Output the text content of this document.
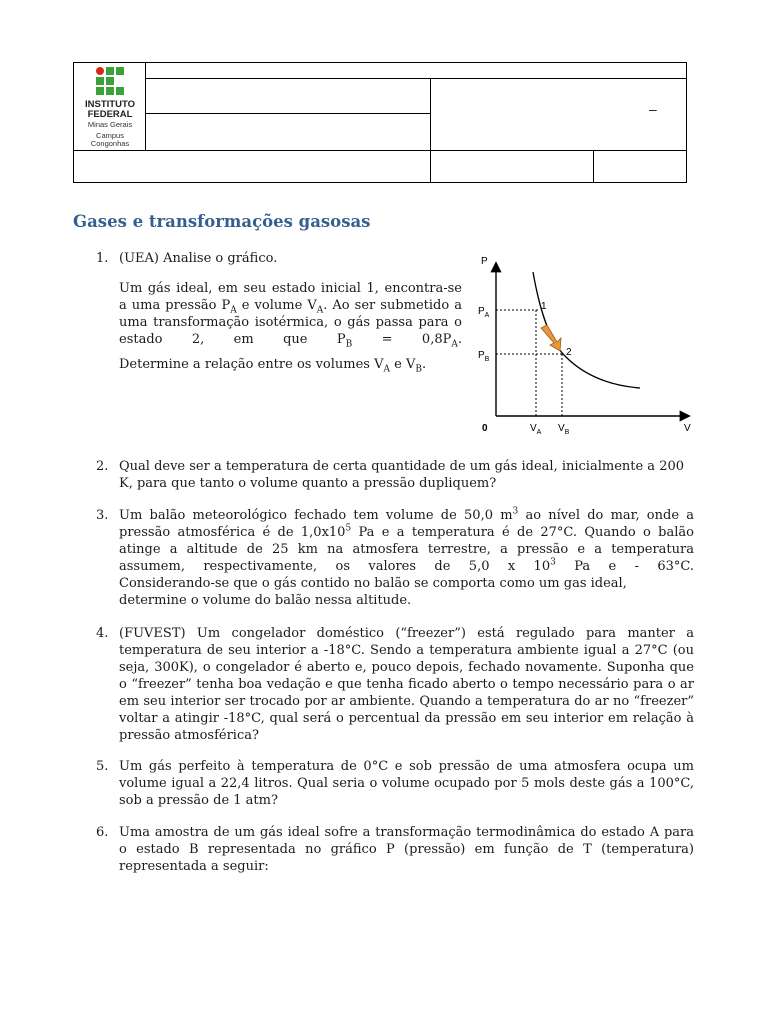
INSTITUTO
FEDERAL
Minas Gerais
Campus
Congonhas
–
Gases e transformações gasosas
1. (UEA) Analise o gráfico.

Um gás ideal, em seu estado inicial 1, encontra-se a uma pressão $P_A$ e volume $V_A$. Ao ser submetido a uma transformação isotérmica, o gás passa para o estado 2, em que $P_B = 0,8P_A$.

Determine a relação entre os volumes $V_A$ e $V_B$.

P
V
0
$P_A$
$P_B$
$V_A$ $V_B$
1
2
2. Qual deve ser a temperatura de certa quantidade de um gás ideal, inicialmente a 200 K, para que tanto o volume quanto a pressão dupliquem?

3. Um balão meteorológico fechado tem volume de 50,0 $m^3$ ao nível do mar, onde a pressão atmosférica é de $1,0x10^5$ Pa e a temperatura é de 27°C. Quando o balão atinge a altitude de 25 km na atmosfera terrestre, a pressão e a temperatura assumem, respectivamente, os valores de 5,0 x $10^3$ Pa e - 63°C.

Considerando-se que o gás contido no balão se comporta como um gas ideal, determine o volume do balão nessa altitude.

4. (FUVEST) Um congelador doméstico (“freezer”) está regulado para manter a temperatura de seu interior a -18°C. Sendo a temperatura ambiente igual a 27°C (ou seja, 300K), o congelador é aberto e, pouco depois, fechado novamente. Suponha que o “freezer” tenha boa vedação e que tenha ficado aberto o tempo necessário para o ar em seu interior ser trocado por ar ambiente. Quando a temperatura do ar no “freezer” voltar a atingir -18°C, qual será o percentual da pressão em seu interior em relação à pressão atmosférica?

5. Um gás perfeito à temperatura de 0°C e sob pressão de uma atmosfera ocupa um volume igual a 22,4 litros. Qual seria o volume ocupado por 5 mols deste gás a 100°C, sob a pressão de 1 atm?

6. Uma amostra de um gás ideal sofre a transformação termodinâmica do estado A para o estado B representada no gráfico P (pressão) em função de T (temperatura) representada a seguir:
